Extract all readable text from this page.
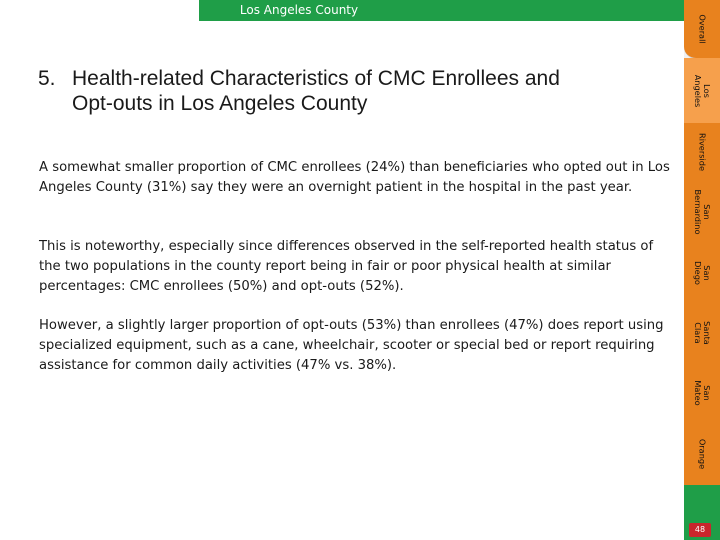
Los Angeles County
5. Health-related Characteristics of CMC Enrollees and
Opt-outs in Los Angeles County

A somewhat smaller proportion of CMC enrollees (24%) than beneficiaries who opted out in Los Angeles County (31%) say they were an overnight patient in the hospital in the past year.

This is noteworthy, especially since differences observed in the self-reported health status of the two populations in the county report being in fair or poor physical health at similar percentages: CMC enrollees (50%) and opt-outs (52%).

However, a slightly larger proportion of opt-outs (53%) than enrollees (47%) does report using specialized equipment, such as a cane, wheelchair, scooter or special bed or report requiring assistance for common daily activities (47% vs. 38%).

Overall
Los
Angeles
Riverside
San
Bernardino
San
Diego
Santa
Clara
San
Mateo
Orange
48
